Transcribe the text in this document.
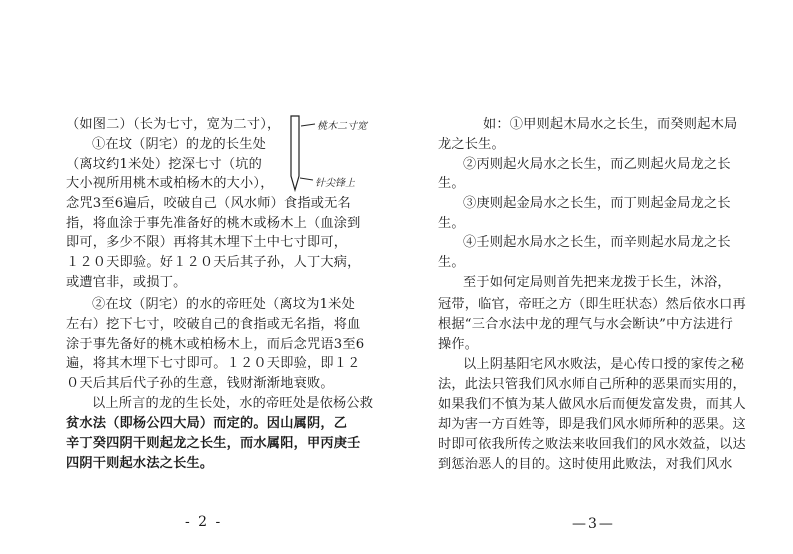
（如图二）（长为七寸，宽为二寸），
①在坟（阴宅）的龙的长生处
（离坟约1米处）挖深七寸（坑的
大小视所用桃木或柏杨木的大小），
念咒3至6遍后，咬破自己（风水师）食指或无名
指，将血涂于事先准备好的桃木或杨木上（血涂到
即可，多少不限）再将其木埋下土中七寸即可，
１２０天即验。好１２０天后其子孙，人丁大病，
或遭官非，或损丁。
②在坟（阴宅）的水的帝旺处（离坟为1米处
左右）挖下七寸，咬破自己的食指或无名指，将血
涂于事先备好的桃木或柏杨木上，而后念咒语3至6
遍，将其木埋下七寸即可。１２０天即验，即１２
０天后其后代子孙的生意，钱财渐渐地衰败。
以上所言的龙的生长处，水的帝旺处是依杨公救
贫水法（即杨公四大局）而定的。因山属阴，乙
辛丁癸四阴干则起龙之长生，而水属阳，甲丙庚壬
四阴干则起水法之长生。
桃木二寸宽
针尖锋上
- 2 -
如：①甲则起木局水之长生，而癸则起木局
龙之长生。
②丙则起火局水之长生，而乙则起火局龙之长
生。
③庚则起金局水之长生，而丁则起金局龙之长
生。
④壬则起水局水之长生，而辛则起水局龙之长
生。
至于如何定局则首先把来龙拨于长生，沐浴，
冠带，临官，帝旺之方（即生旺状态）然后依水口再
根据“三合水法中龙的理气与水会断诀”中方法进行
操作。
以上阴基阳宅风水败法，是心传口授的家传之秘
法，此法只管我们风水师自己所种的恶果而实用的，
如果我们不慎为某人做风水后而便发富发贵，而其人
却为害一方百姓等，即是我们风水师所种的恶果。这
时即可依我所传之败法来收回我们的风水效益，以达
到惩治恶人的目的。这时使用此败法，对我们风水
—3—
